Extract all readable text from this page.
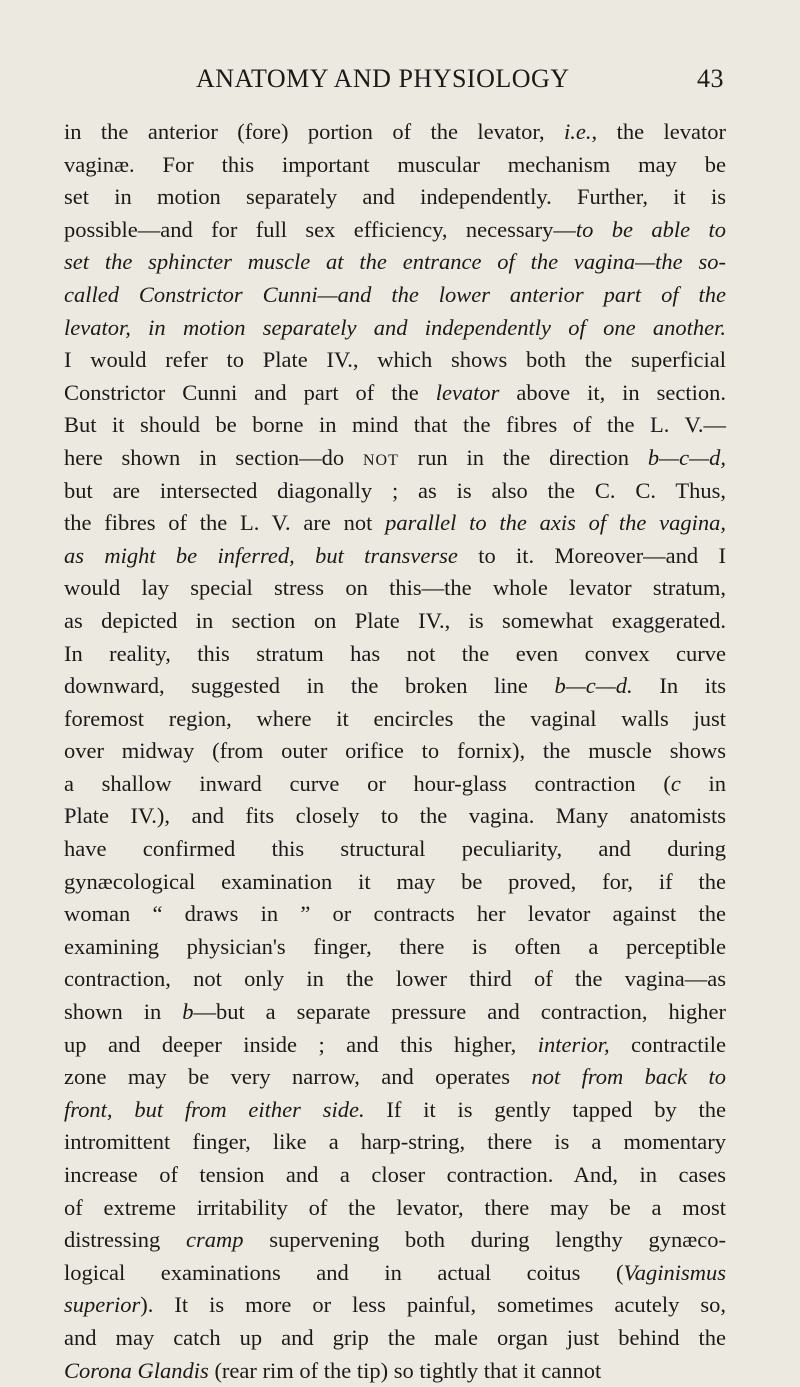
ANATOMY AND PHYSIOLOGY	43
in the anterior (fore) portion of the levator, i.e., the levator
vaginæ. For this important muscular mechanism may be
set in motion separately and independently. Further, it is
possible—and for full sex efficiency, necessary—to be able to
set the sphincter muscle at the entrance of the vagina—the so-
called Constrictor Cunni—and the lower anterior part of the
levator, in motion separately and independently of one another.
I would refer to Plate IV., which shows both the superficial
Constrictor Cunni and part of the levator above it, in section.
But it should be borne in mind that the fibres of the L. V.—
here shown in section—do NOT run in the direction b—c—d,
but are intersected diagonally ; as is also the C. C. Thus,
the fibres of the L. V. are not parallel to the axis of the vagina,
as might be inferred, but transverse to it. Moreover—and I
would lay special stress on this—the whole levator stratum,
as depicted in section on Plate IV., is somewhat exaggerated.
In reality, this stratum has not the even convex curve
downward, suggested in the broken line b—c—d. In its
foremost region, where it encircles the vaginal walls just
over midway (from outer orifice to fornix), the muscle shows
a shallow inward curve or hour-glass contraction (c in
Plate IV.), and fits closely to the vagina. Many anatomists
have confirmed this structural peculiarity, and during
gynæcological examination it may be proved, for, if the
woman “ draws in ” or contracts her levator against the
examining physician's finger, there is often a perceptible
contraction, not only in the lower third of the vagina—as
shown in b—but a separate pressure and contraction, higher
up and deeper inside ; and this higher, interior, contractile
zone may be very narrow, and operates not from back to
front, but from either side. If it is gently tapped by the
intromittent finger, like a harp-string, there is a momentary
increase of tension and a closer contraction. And, in cases
of extreme irritability of the levator, there may be a most
distressing cramp supervening both during lengthy gynæco-
logical examinations and in actual coitus (Vaginismus
superior). It is more or less painful, sometimes acutely so,
and may catch up and grip the male organ just behind the
Corona Glandis (rear rim of the tip) so tightly that it cannot
